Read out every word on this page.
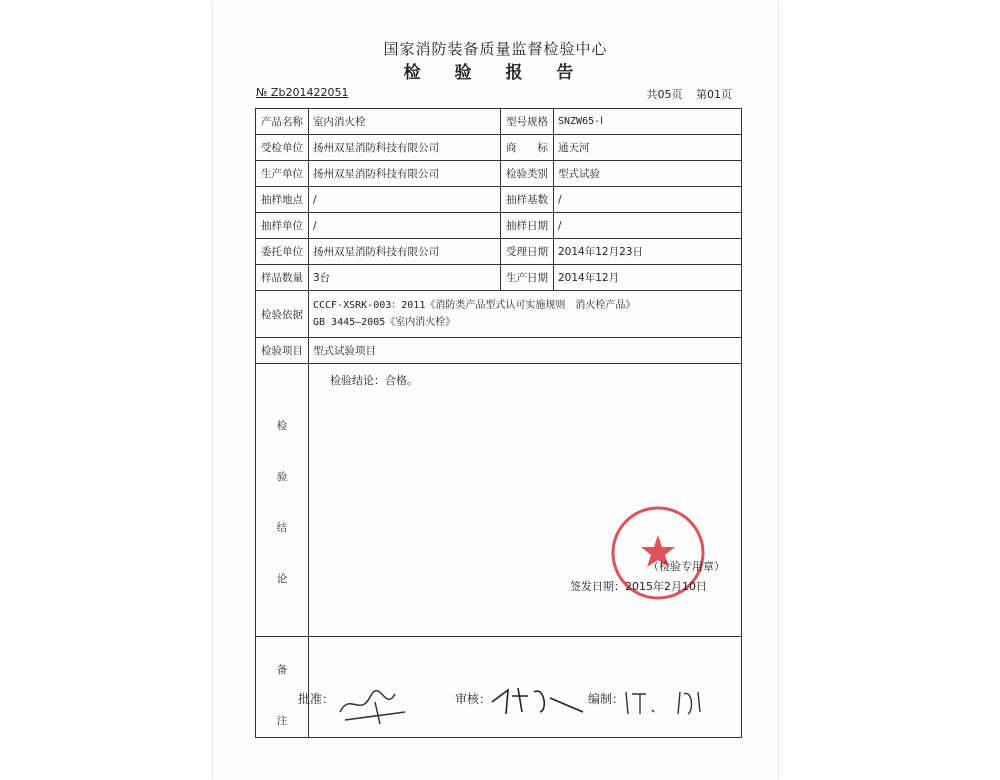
国家消防装备质量监督检验中心
检 验 报 告
№ Zb201422051	共05页 第01页
产品名称	室内消火栓	型号规格	SNZW65-Ⅰ
受检单位	扬州双星消防科技有限公司	商　　标	通天河
生产单位	扬州双星消防科技有限公司	检验类别	型式试验
抽样地点	/	抽样基数	/
抽样单位	/	抽样日期	/
委托单位	扬州双星消防科技有限公司	受理日期	2014年12月23日
样品数量	3台	生产日期	2014年12月
检验依据	CCCF-XSRK-003：2011《消防类产品型式认可实施规则　消火栓产品》
GB 3445—2005《室内消火栓》		

检验项目	型式试验项目		

检
验
结
论			

备
注			

检验结论：合格。
（检验专用章）
签发日期：2015年2月10日
批准：	审核：	编制：
